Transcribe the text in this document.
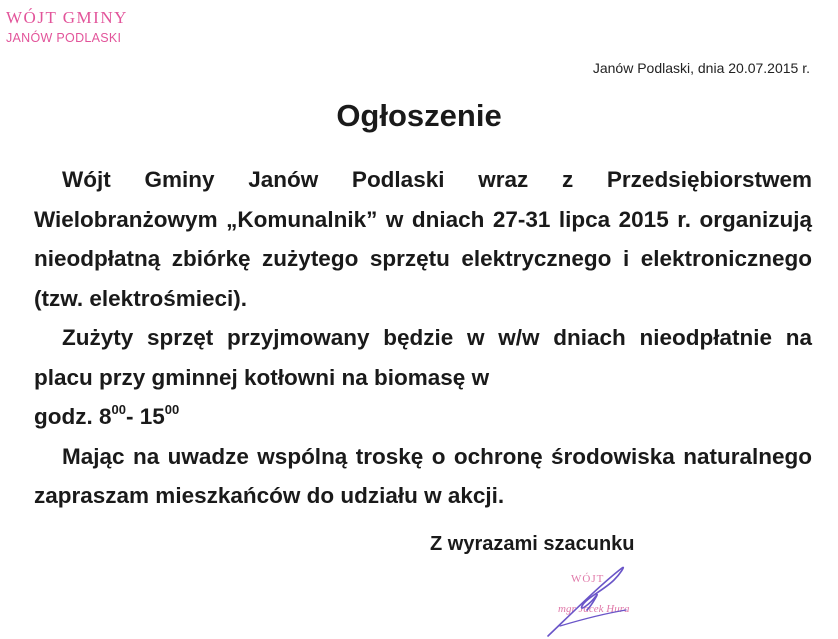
WÓJT GMINY
JANÓW PODLASKI
Janów Podlaski, dnia 20.07.2015 r.
Ogłoszenie

Wójt Gminy Janów Podlaski wraz z Przedsiębiorstwem Wielobranżowym „Komunalnik” w dniach 27-31 lipca 2015 r. organizują nieodpłatną zbiórkę zużytego sprzętu elektrycznego i elektronicznego (tzw. elektrośmieci).

Zużyty sprzęt przyjmowany będzie w w/w dniach nieodpłatnie na placu przy gminnej kotłowni na biomasę w

godz. $8^{00}-$ $15^{00}$

Mając na uwadze wspólną troskę o ochronę środowiska naturalnego zapraszam mieszkańców do udziału w akcji.

Z wyrazami szacunku
WÓJT
mgr Jacek Hura
